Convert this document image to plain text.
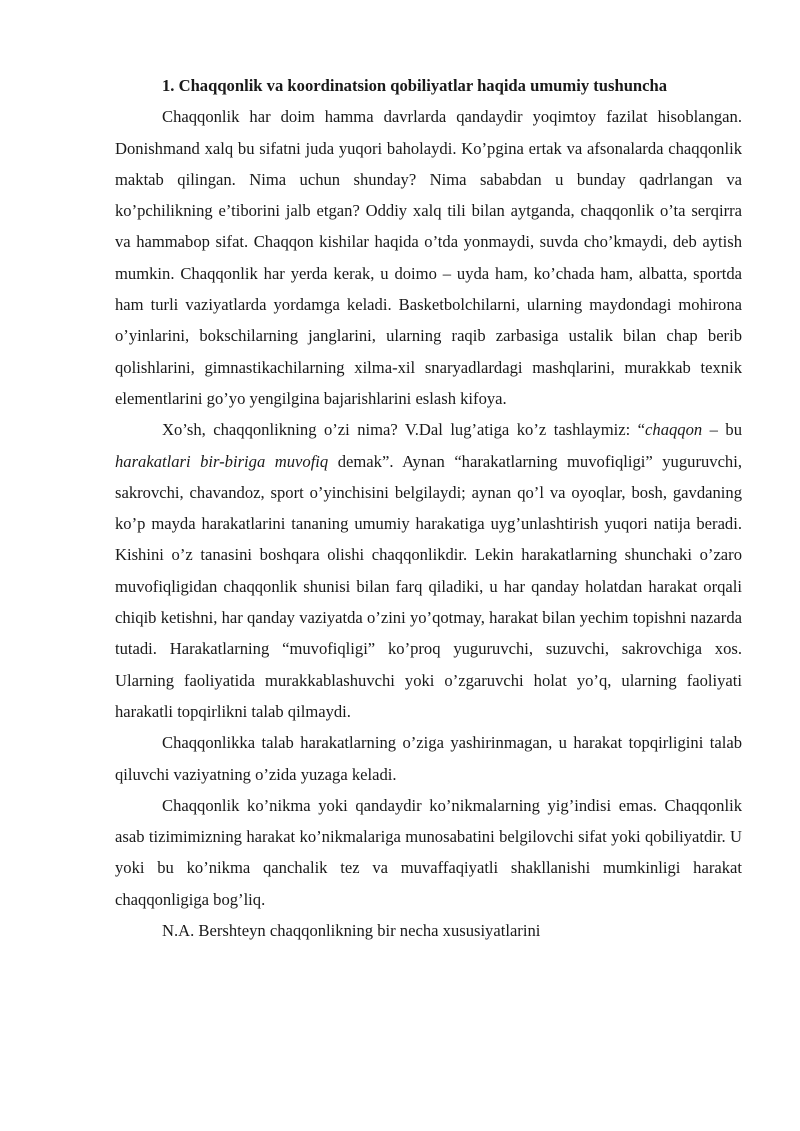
1. Chaqqonlik va koordinatsion qobiliyatlar haqida umumiy tushuncha

Chaqqonlik har doim hamma davrlarda qandaydir yoqimtoy fazilat hisoblangan. Donishmand xalq bu sifatni juda yuqori baholaydi. Ko’pgina ertak va afsonalarda chaqqonlik maktab qilingan. Nima uchun shunday? Nima sababdan u bunday qadrlangan va ko’pchilikning e’tiborini jalb etgan? Oddiy xalq tili bilan aytganda, chaqqonlik o’ta serqirra va hammabop sifat. Chaqqon kishilar haqida o’tda yonmaydi, suvda cho’kmaydi, deb aytish mumkin. Chaqqonlik har yerda kerak, u doimo – uyda ham, ko’chada ham, albatta, sportda ham turli vaziyatlarda yordamga keladi. Basketbolchilarni, ularning maydondagi mohirona o’yinlarini, bokschilarning janglarini, ularning raqib zarbasiga ustalik bilan chap berib qolishlarini, gimnastikachilarning xilma-xil snaryadlardagi mashqlarini, murakkab texnik elementlarini go’yo yengilgina bajarishlarini eslash kifoya.

Xo’sh, chaqqonlikning o’zi nima? V.Dal lug’atiga ko’z tashlaymiz: “chaqqon – bu harakatlari bir-biriga muvofiq demak”. Aynan “harakatlarning muvofiqligi” yuguruvchi, sakrovchi, chavandoz, sport o’yinchisini belgilaydi; aynan qo’l va oyoqlar, bosh, gavdaning ko’p mayda harakatlarini tananing umumiy harakatiga uyg’unlashtirish yuqori natija beradi. Kishini o’z tanasini boshqara olishi chaqqonlikdir. Lekin harakatlarning shunchaki o’zaro muvofiqligidan chaqqonlik shunisi bilan farq qiladiki, u har qanday holatdan harakat orqali chiqib ketishni, har qanday vaziyatda o’zini yo’qotmay, harakat bilan yechim topishni nazarda tutadi. Harakatlarning “muvofiqligi” ko’proq yuguruvchi, suzuvchi, sakrovchiga xos. Ularning faoliyatida murakkablashuvchi yoki o’zgaruvchi holat yo’q, ularning faoliyati harakatli topqirlikni talab qilmaydi.

Chaqqonlikka talab harakatlarning o’ziga yashirinmagan, u harakat topqirligini talab qiluvchi vaziyatning o’zida yuzaga keladi.

Chaqqonlik ko’nikma yoki qandaydir ko’nikmalarning yig’indisi emas. Chaqqonlik asab tizimimizning harakat ko’nikmalariga munosabatini belgilovchi sifat yoki qobiliyatdir. U yoki bu ko’nikma qanchalik tez va muvaffaqiyatli shakllanishi mumkinligi harakat chaqqonligiga bog’liq.

N.A. Bershteyn chaqqonlikning bir necha xususiyatlarini
